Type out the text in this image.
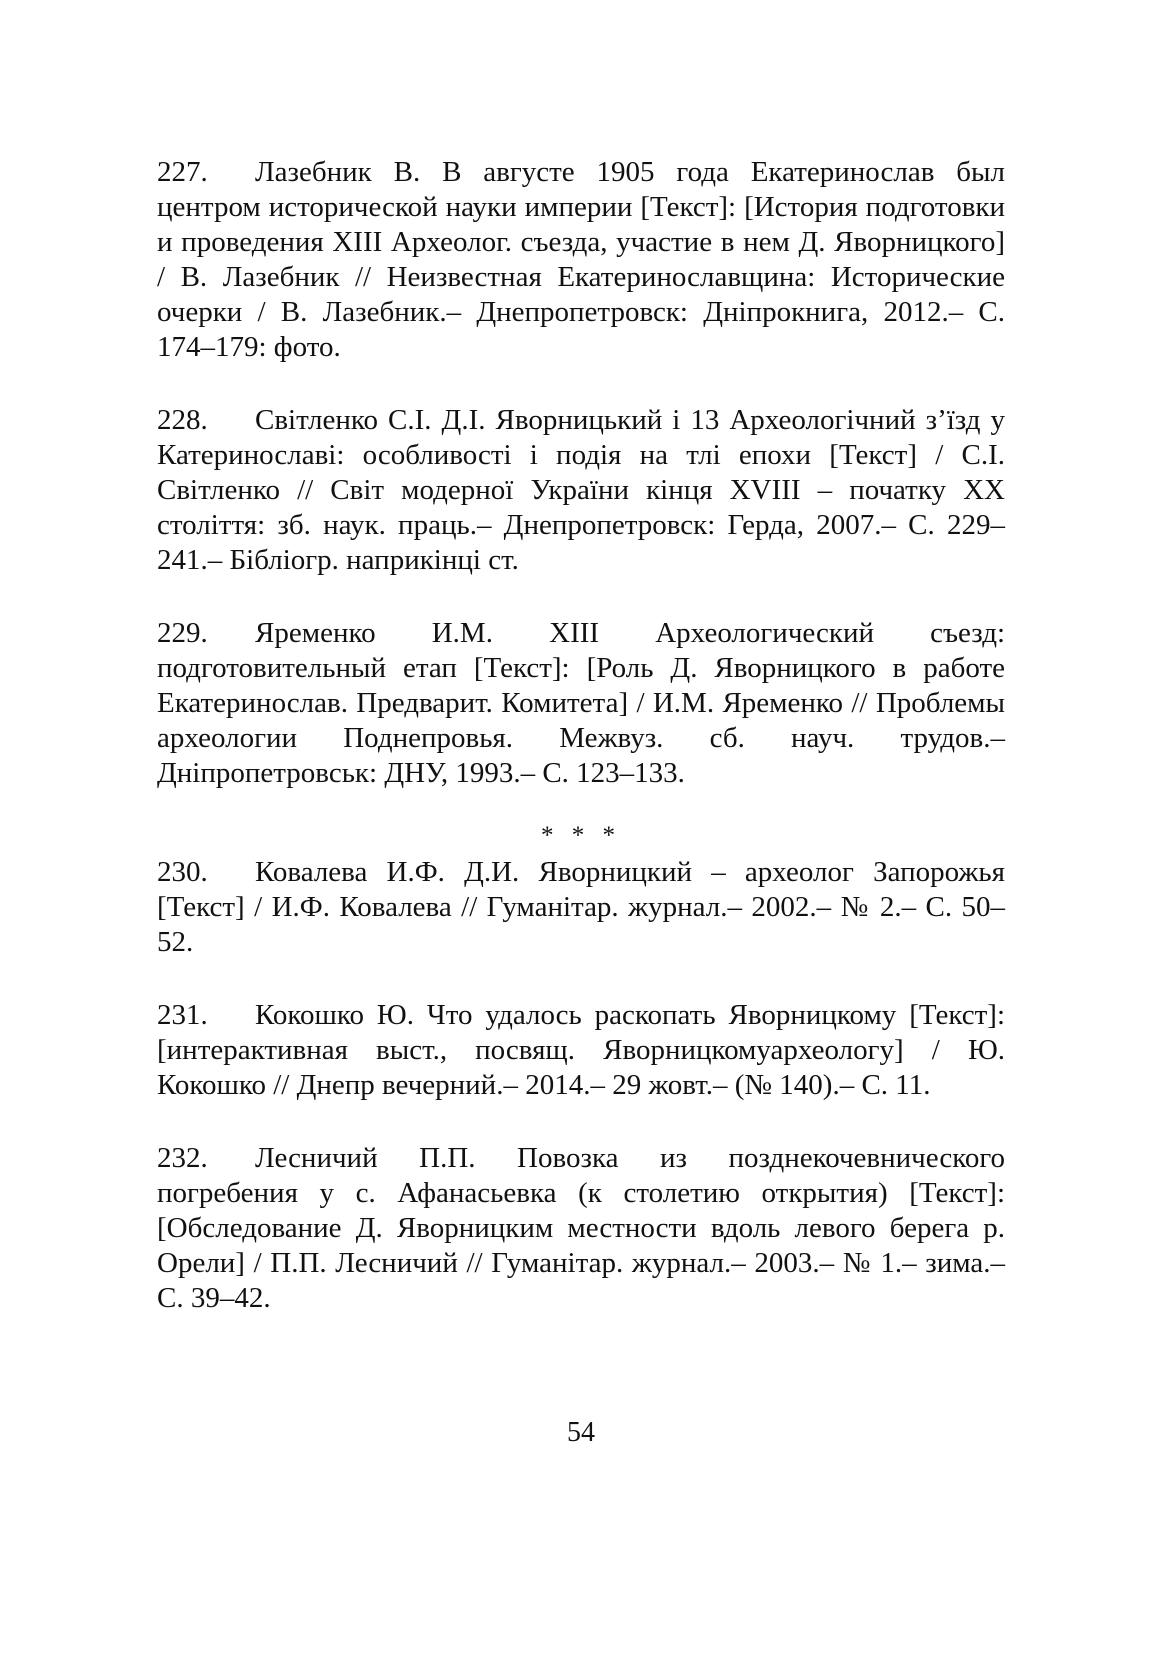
227. Лазебник В. В августе 1905 года Екатеринослав был центром исторической науки империи [Текст]: [История подготовки и проведения XIII Археолог. съезда, участие в нем Д. Яворницкого] / В. Лазебник // Неизвестная Екатеринославщина: Исторические очерки / В. Лазебник.– Днепропетровск: Дніпрокнига, 2012.– С. 174–179: фото.

228. Світленко С.І. Д.І. Яворницький і 13 Археологічний з’їзд у Катеринославі: особливості і подія на тлі епохи [Текст] / С.І. Світленко // Світ модерної України кінця XVIII – початку XX століття: зб. наук. праць.– Днепропетровск: Герда, 2007.– С. 229–241.– Бібліогр. наприкінці ст.

229. Яременко И.М. XIII Археологический съезд: подготовительный етап [Текст]: [Роль Д. Яворницкого в работе Екатеринослав. Предварит. Комитета] / И.М. Яременко // Проблемы археологии Поднепровья. Межвуз. сб. науч. трудов.– Дніпропетровськ: ДНУ, 1993.– С. 123–133.

* * *

230. Ковалева И.Ф. Д.И. Яворницкий – археолог Запорожья [Текст] / И.Ф. Ковалева // Гуманітар. журнал.– 2002.– № 2.– С. 50–52.

231. Кокошко Ю. Что удалось раскопать Яворницкому [Текст]: [интерактивная выст., посвящ. Яворницкомуархеологу] / Ю. Кокошко // Днепр вечерний.– 2014.– 29 жовт.– (№ 140).– С. 11.

232. Лесничий П.П. Повозка из позднекочевнического погребения у с. Афанасьевка (к столетию открытия) [Текст]: [Обследование Д. Яворницким местности вдоль левого берега р. Орели] / П.П. Лесничий // Гуманітар. журнал.– 2003.– № 1.– зима.– С. 39–42.

54
